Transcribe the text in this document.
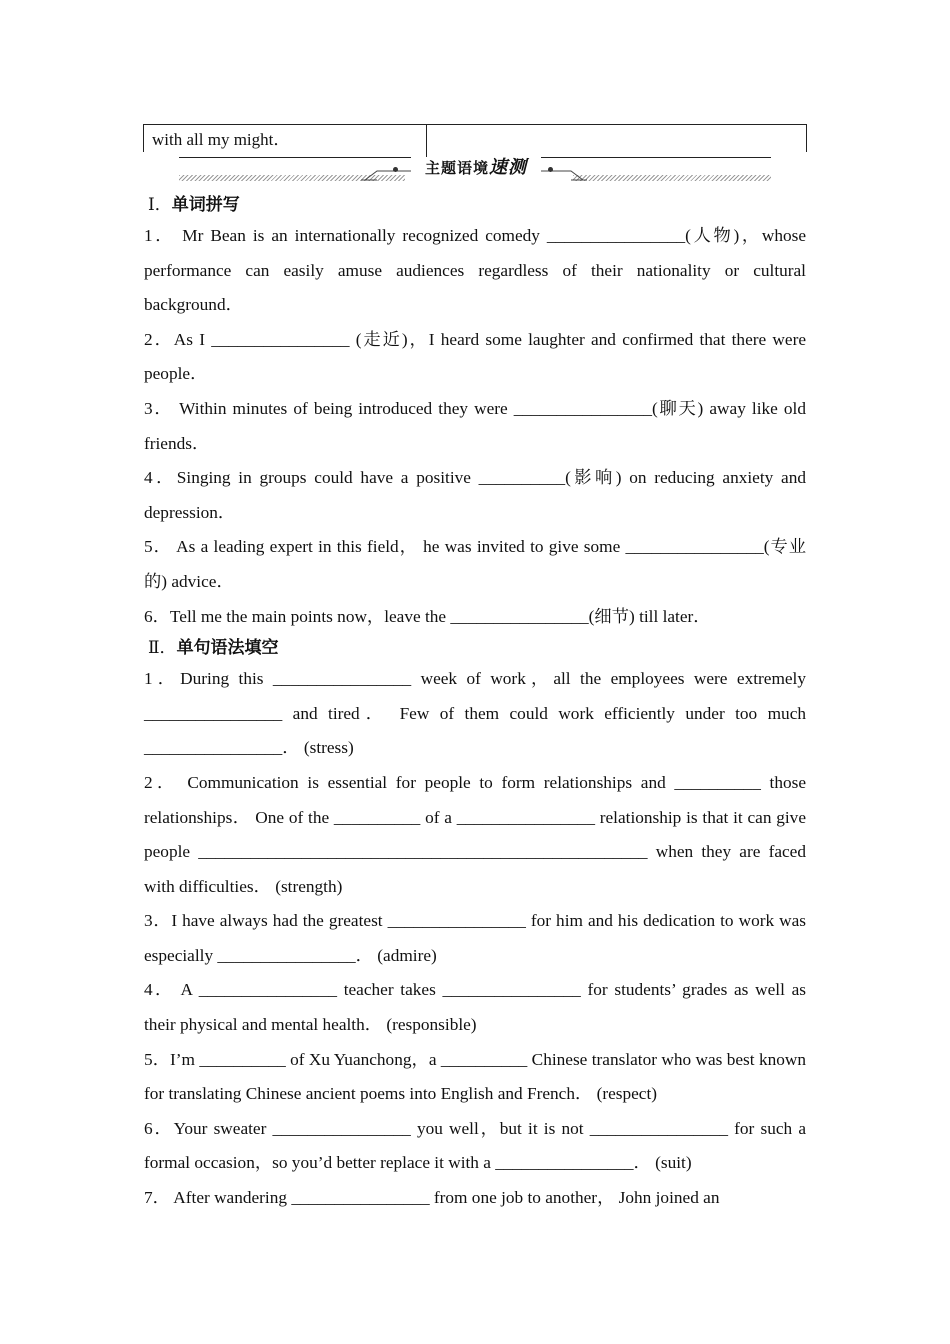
with all my might．
主题语境速测

Ⅰ．单词拼写

1． Mr Bean is an internationally recognized comedy ________________(人物)，whose performance can easily amuse audiences regardless of their nationality or cultural background．

2．As I ________________ (走近)，I heard some laughter and confirmed that there were people．

3． Within minutes of being introduced they were ________________(聊天) away like old friends．

4．Singing in groups could have a positive __________(影响) on reducing anxiety and depression．

5． As a leading expert in this field， he was invited to give some ________________(专业的) advice．

6．Tell me the main points now，leave the ________________(细节) till later．

Ⅱ．单句语法填空

1．During this ________________ week of work，all the employees were extremely ________________ and tired． Few of them could work efficiently under too much ________________． (stress)

2． Communication is essential for people to form relationships and __________ those relationships． One of the __________ of a ________________ relationship is that it can give people ____________________________________________________ when they are faced with difficulties． (strength)

3．I have always had the greatest ________________ for him and his dedication to work was especially ________________． (admire)

4． A ________________ teacher takes ________________ for students’ grades as well as their physical and mental health． (responsible)

5．I’m __________ of Xu Yuanchong，a __________ Chinese translator who was best known for translating Chinese ancient poems into English and French． (respect)

6．Your sweater ________________ you well，but it is not ________________ for such a formal occasion，so you’d better replace it with a ________________． (suit)

7． After wandering ________________ from one job to another， John joined an
